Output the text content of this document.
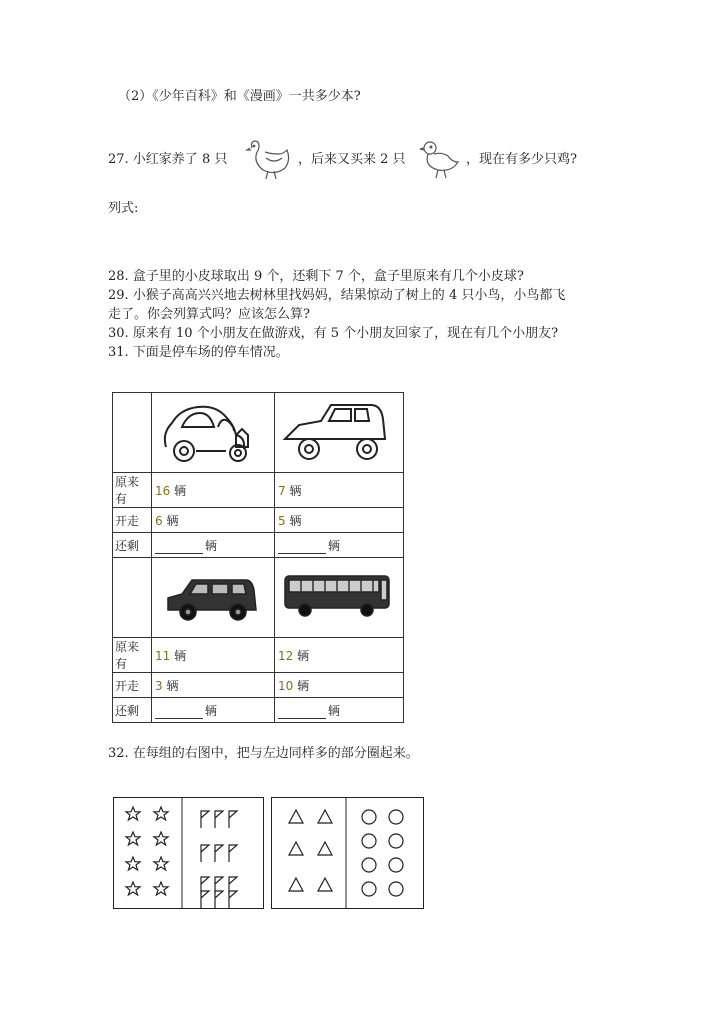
（2）《少年百科》和《漫画》一共多少本?
27. 小红家养了 8 只	，后来又买来 2 只	，现在有多少只鸡?
列式:
28. 盒子里的小皮球取出 9 个，还剩下 7 个，盒子里原来有几个小皮球?
29. 小猴子高高兴兴地去树林里找妈妈，结果惊动了树上的 4 只小鸟，小鸟都飞
走了。你会列算式吗？应该怎么算?
30. 原来有 10 个小朋友在做游戏，有 5 个小朋友回家了，现在有几个小朋友?
31. 下面是停车场的停车情况。

原来有	16 辆	7 辆
开走	6 辆	5 辆
还剩	辆	辆

原来有	11 辆	12 辆
开走	3 辆	10 辆
还剩	辆	辆
32. 在每组的右图中，把与左边同样多的部分圈起来。
